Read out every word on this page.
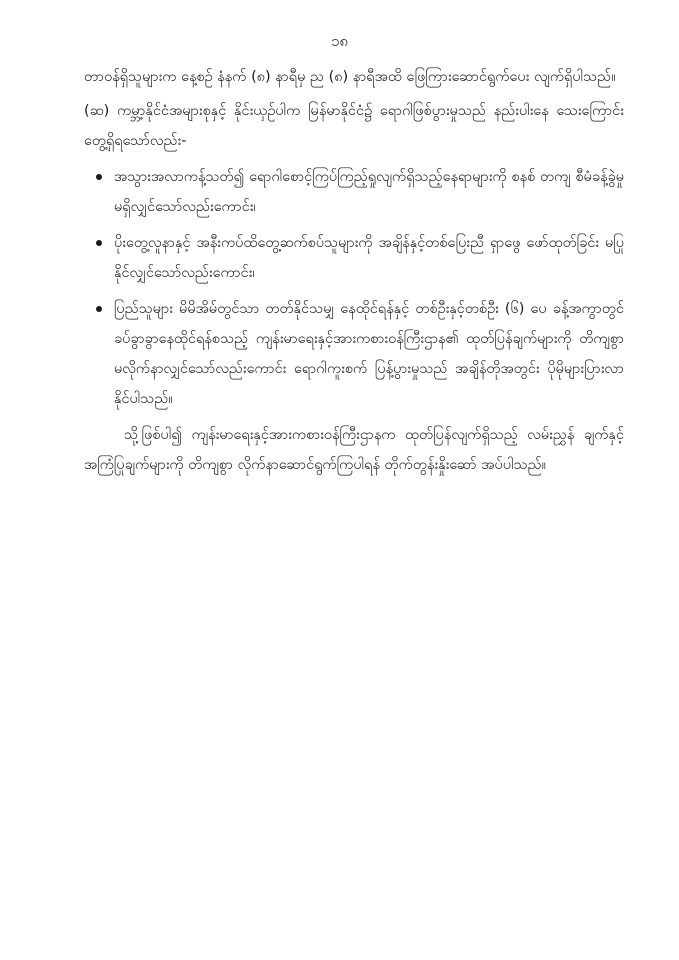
၁၈

တာဝန်ရှိသူများက နေ့စဉ် နံနက် (၈) နာရီမှ ည (၈) နာရီအထိ ဖြေကြားဆောင်ရွက်ပေး လျက်ရှိပါသည်။

(ဆ) ကမ္ဘာ့နိုင်ငံအများစုနှင့် နိုင်းယှဉ်ပါက မြန်မာနိုင်ငံ၌ ရောဂါဖြစ်ပွားမှုသည် နည်းပါးနေ သေးကြောင်း တွေ့ရှိရသော်လည်း-

အသွားအလာကန့်သတ်၍ ရောဂါစောင့်ကြပ်ကြည့်ရှုလျက်ရှိသည့်နေရာများကို စနစ် တကျ စီမံခန့်ခွဲမှု မရှိလျှင်သော်လည်းကောင်း၊
ပိုးတွေ့လူနာနှင့် အနီးကပ်ထိတွေ့ဆက်စပ်သူများကို အချိန်နှင့်တစ်ပြေးညီ ရှာဖွေ ဖော်ထုတ်ခြင်း မပြုနိုင်လျှင်သော်လည်းကောင်း၊
ပြည်သူများ မိမိအိမ်တွင်သာ တတ်နိုင်သမျှ နေထိုင်ရန်နှင့် တစ်ဦးနှင့်တစ်ဦး (၆) ပေ ခန့်အကွာတွင် ခပ်ခွာခွာနေထိုင်ရန်စသည့် ကျန်းမာရေးနှင့်အားကစားဝန်ကြီးဌာန၏ ထုတ်ပြန်ချက်များကို တိကျစွာ မလိုက်နာလျှင်သော်လည်းကောင်း ရောဂါကူးစက် ပြန့်ပွားမှုသည် အချိန်တိုအတွင်း ပိုမိုများပြားလာနိုင်ပါသည်။

သို့ဖြစ်ပါ၍ ကျန်းမာရေးနှင့်အားကစားဝန်ကြီးဌာနက ထုတ်ပြန်လျက်ရှိသည့် လမ်းညွှန် ချက်နှင့် အကြံပြုချက်များကို တိကျစွာ လိုက်နာဆောင်ရွက်ကြပါရန် တိုက်တွန်းနှိုးဆော် အပ်ပါသည်။
